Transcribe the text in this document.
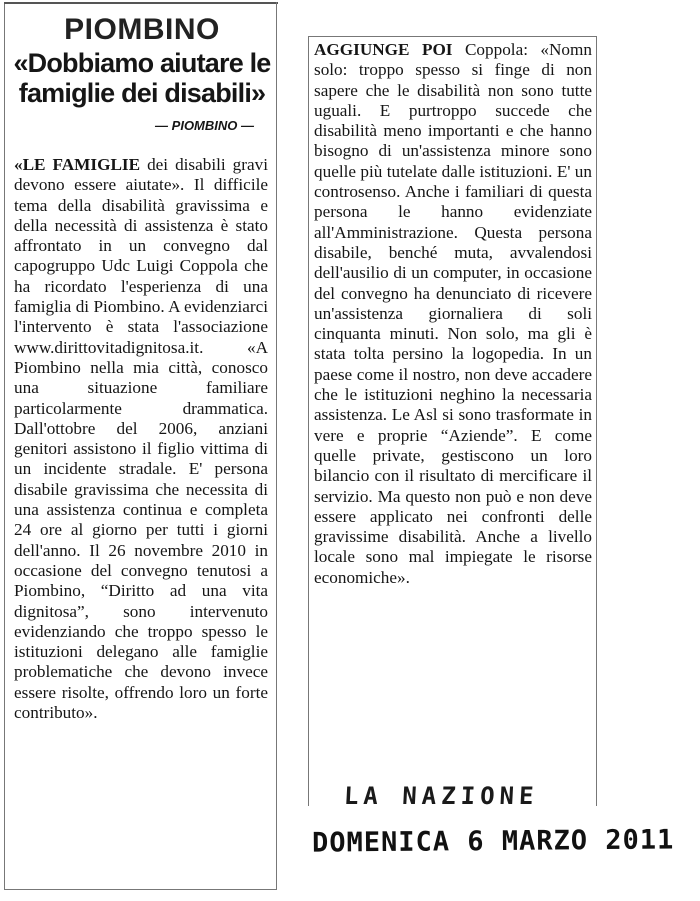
PIOMBINO
«Dobbiamo aiutare le famiglie dei disabili»
— PIOMBINO —
«LE FAMIGLIE dei disabili gravi devono essere aiutate». Il difficile tema della disabilità gravissima e della necessità di assistenza è stato affrontato in un convegno dal capogruppo Udc Luigi Coppola che ha ricordato l'esperienza di una famiglia di Piombino. A evidenziarci l'intervento è stata l'associazione www.dirittovitadignitosa.it. «A Piombino nella mia città, conosco una situazione familiare particolarmente drammatica. Dall'ottobre del 2006, anziani genitori assistono il figlio vittima di un incidente stradale. E' persona disabile gravissima che necessita di una assistenza continua e completa 24 ore al giorno per tutti i giorni dell'anno. Il 26 novembre 2010 in occasione del convegno tenutosi a Piombino, “Diritto ad una vita dignitosa”, sono intervenuto evidenziando che troppo spesso le istituzioni delegano alle famiglie problematiche che devono invece essere risolte, offrendo loro un forte contributo».
AGGIUNGE POI Coppola: «Nomn solo: troppo spesso si finge di non sapere che le disabilità non sono tutte uguali. E purtroppo succede che disabilità meno importanti e che hanno bisogno di un'assistenza minore sono quelle più tutelate dalle istituzioni. E' un controsenso. Anche i familiari di questa persona le hanno evidenziate all'Amministrazione. Questa persona disabile, benché muta, avvalendosi dell'ausilio di un computer, in occasione del convegno ha denunciato di ricevere un'assistenza giornaliera di soli cinquanta minuti. Non solo, ma gli è stata tolta persino la logopedia. In un paese come il nostro, non deve accadere che le istituzioni neghino la necessaria assistenza. Le Asl si sono trasformate in vere e proprie “Aziende”. E come quelle private, gestiscono un loro bilancio con il risultato di mercificare il servizio. Ma questo non può e non deve essere applicato nei confronti delle gravissime disabilità. Anche a livello locale sono mal impiegate le risorse economiche».
LA NAZIONE
DOMENICA 6 MARZO 2011
